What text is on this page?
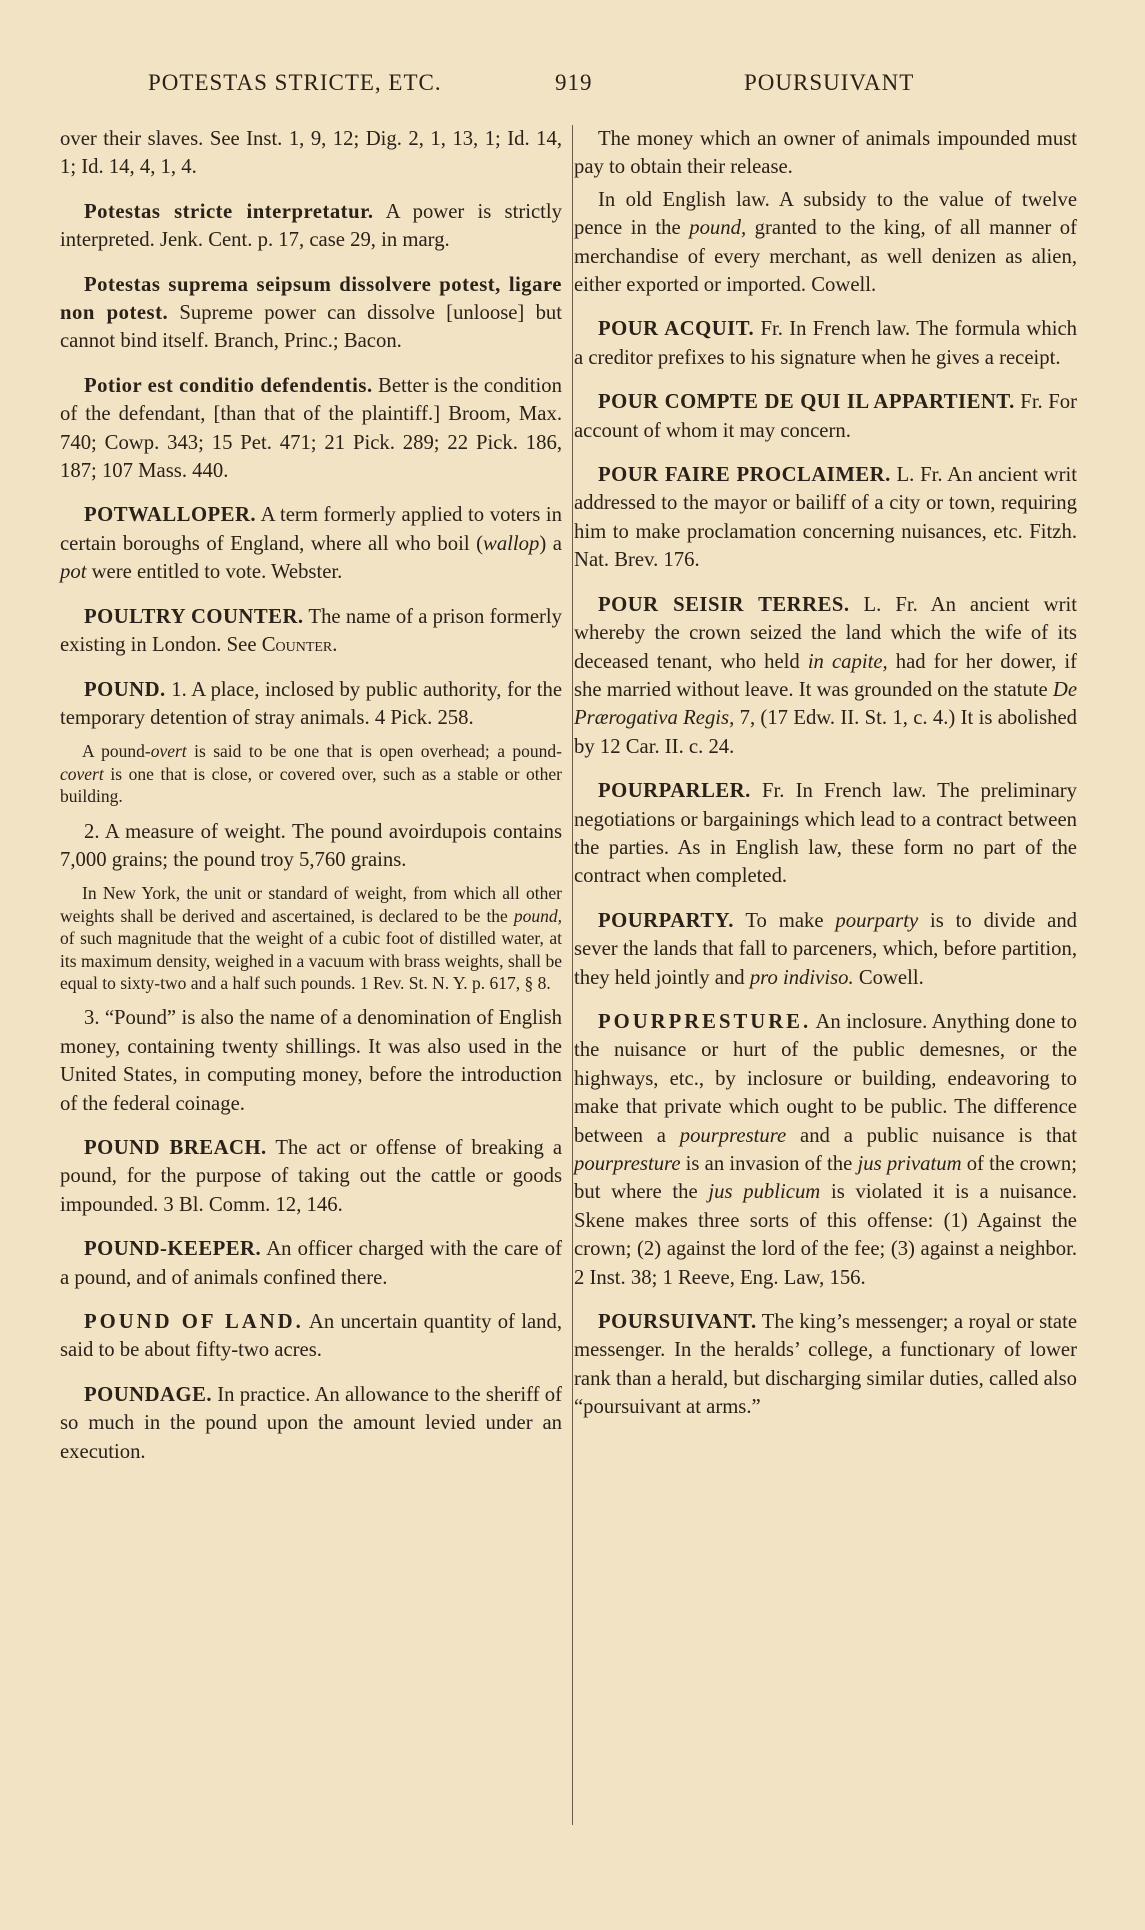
POTESTAS STRICTE, ETC.	919	POURSUIVANT

over their slaves. See Inst. 1, 9, 12; Dig. 2, 1, 13, 1; Id. 14, 1; Id. 14, 4, 1, 4.

Potestas stricte interpretatur. A power is strictly interpreted. Jenk. Cent. p. 17, case 29, in marg.

Potestas suprema seipsum dissolvere potest, ligare non potest. Supreme power can dissolve [unloose] but cannot bind itself. Branch, Princ.; Bacon.

Potior est conditio defendentis. Better is the condition of the defendant, [than that of the plaintiff.] Broom, Max. 740; Cowp. 343; 15 Pet. 471; 21 Pick. 289; 22 Pick. 186, 187; 107 Mass. 440.

POTWALLOPER. A term formerly applied to voters in certain boroughs of England, where all who boil (wallop) a pot were entitled to vote. Webster.

POULTRY COUNTER. The name of a prison formerly existing in London. See Counter.

POUND. 1. A place, inclosed by public authority, for the temporary detention of stray animals. 4 Pick. 258.

A pound-overt is said to be one that is open overhead; a pound-covert is one that is close, or covered over, such as a stable or other building.

2. A measure of weight. The pound avoirdupois contains 7,000 grains; the pound troy 5,760 grains.

In New York, the unit or standard of weight, from which all other weights shall be derived and ascertained, is declared to be the pound, of such magnitude that the weight of a cubic foot of distilled water, at its maximum density, weighed in a vacuum with brass weights, shall be equal to sixty-two and a half such pounds. 1 Rev. St. N. Y. p. 617, § 8.

3. “Pound” is also the name of a denomination of English money, containing twenty shillings. It was also used in the United States, in computing money, before the introduction of the federal coinage.

POUND BREACH. The act or offense of breaking a pound, for the purpose of taking out the cattle or goods impounded. 3 Bl. Comm. 12, 146.

POUND-KEEPER. An officer charged with the care of a pound, and of animals confined there.

POUND OF LAND. An uncertain quantity of land, said to be about fifty-two acres.

POUNDAGE. In practice. An allowance to the sheriff of so much in the pound upon the amount levied under an execution.

The money which an owner of animals impounded must pay to obtain their release.

In old English law. A subsidy to the value of twelve pence in the pound, granted to the king, of all manner of merchandise of every merchant, as well denizen as alien, either exported or imported. Cowell.

POUR ACQUIT. Fr. In French law. The formula which a creditor prefixes to his signature when he gives a receipt.

POUR COMPTE DE QUI IL APPARTIENT. Fr. For account of whom it may concern.

POUR FAIRE PROCLAIMER. L. Fr. An ancient writ addressed to the mayor or bailiff of a city or town, requiring him to make proclamation concerning nuisances, etc. Fitzh. Nat. Brev. 176.

POUR SEISIR TERRES. L. Fr. An ancient writ whereby the crown seized the land which the wife of its deceased tenant, who held in capite, had for her dower, if she married without leave. It was grounded on the statute De Prærogativa Regis, 7, (17 Edw. II. St. 1, c. 4.) It is abolished by 12 Car. II. c. 24.

POURPARLER. Fr. In French law. The preliminary negotiations or bargainings which lead to a contract between the parties. As in English law, these form no part of the contract when completed.

POURPARTY. To make pourparty is to divide and sever the lands that fall to parceners, which, before partition, they held jointly and pro indiviso. Cowell.

POURPRESTURE. An inclosure. Anything done to the nuisance or hurt of the public demesnes, or the highways, etc., by inclosure or building, endeavoring to make that private which ought to be public. The difference between a pourpresture and a public nuisance is that pourpresture is an invasion of the jus privatum of the crown; but where the jus publicum is violated it is a nuisance. Skene makes three sorts of this offense: (1) Against the crown; (2) against the lord of the fee; (3) against a neighbor. 2 Inst. 38; 1 Reeve, Eng. Law, 156.

POURSUIVANT. The king’s messenger; a royal or state messenger. In the heralds’ college, a functionary of lower rank than a herald, but discharging similar duties, called also “poursuivant at arms.”
